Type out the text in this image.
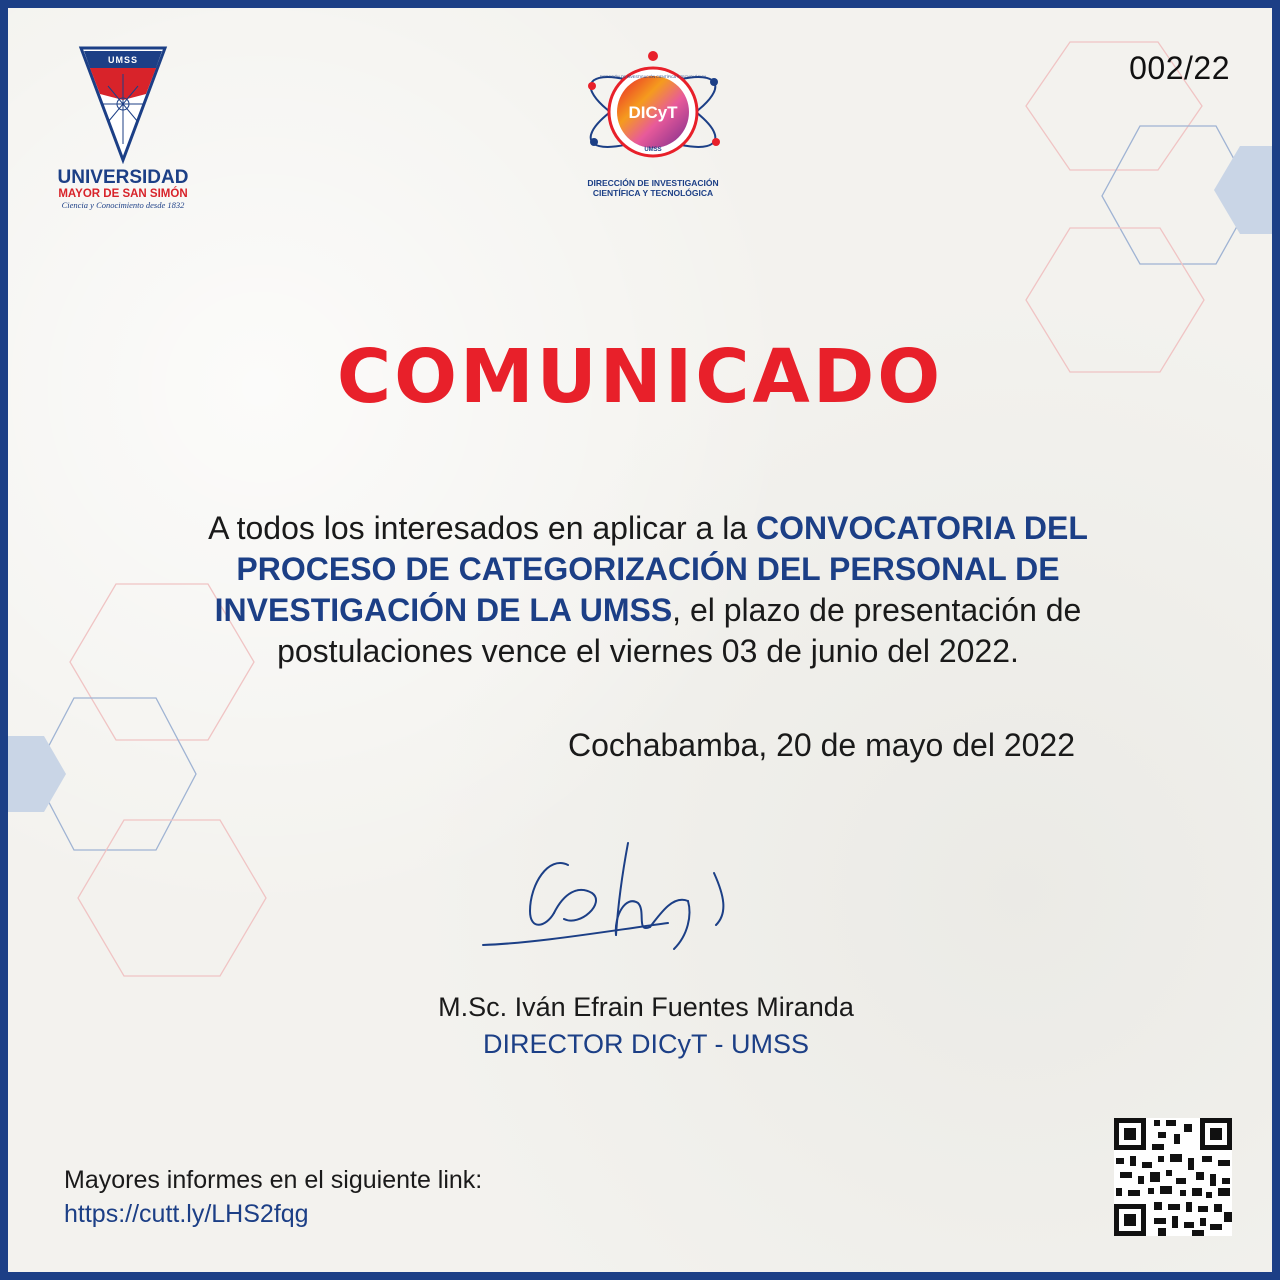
UMSS
UNIVERSIDAD
MAYOR DE SAN SIMÓN
Ciencia y Conocimiento desde 1832
DICyT
DIRECCIÓN DE INVESTIGACIÓN CIENTÍFICA Y TECNOLÓGICA
UMSS
DIRECCIÓN DE INVESTIGACIÓN
CIENTÍFICA Y TECNOLÓGICA
002/22
COMUNICADO
A todos los interesados en aplicar a la CONVOCATORIA DEL PROCESO DE CATEGORIZACIÓN DEL PERSONAL DE INVESTIGACIÓN DE LA UMSS, el plazo de presentación de postulaciones vence el viernes 03 de junio del 2022.
Cochabamba, 20 de mayo del 2022
M.Sc. Iván Efrain Fuentes Miranda
DIRECTOR DICyT - UMSS
Mayores informes en el siguiente link:
https://cutt.ly/LHS2fqg
